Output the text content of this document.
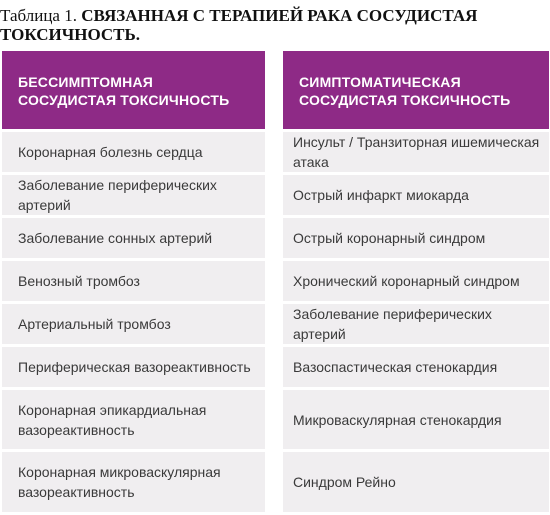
Таблица 1. СВЯЗАННАЯ С ТЕРАПИЕЙ РАКА СОСУДИСТАЯ ТОКСИЧНОСТЬ.
БЕССИМПТОМНАЯ СОСУДИСТАЯ ТОКСИЧНОСТЬ
Коронарная болезнь сердца
Заболевание периферических артерий
Заболевание сонных артерий
Венозный тромбоз
Артериальный тромбоз
Периферическая вазореактивность
Коронарная эпикардиальная вазореактивность
Коронарная микроваскулярная вазореактивность
СИМПТОМАТИЧЕСКАЯ СОСУДИСТАЯ ТОКСИЧНОСТЬ
Инсульт / Транзиторная ишемическая атака
Острый инфаркт миокарда
Острый коронарный синдром
Хронический коронарный синдром
Заболевание периферических артерий
Вазоспастическая стенокардия
Микроваскулярная стенокардия
Синдром Рейно
